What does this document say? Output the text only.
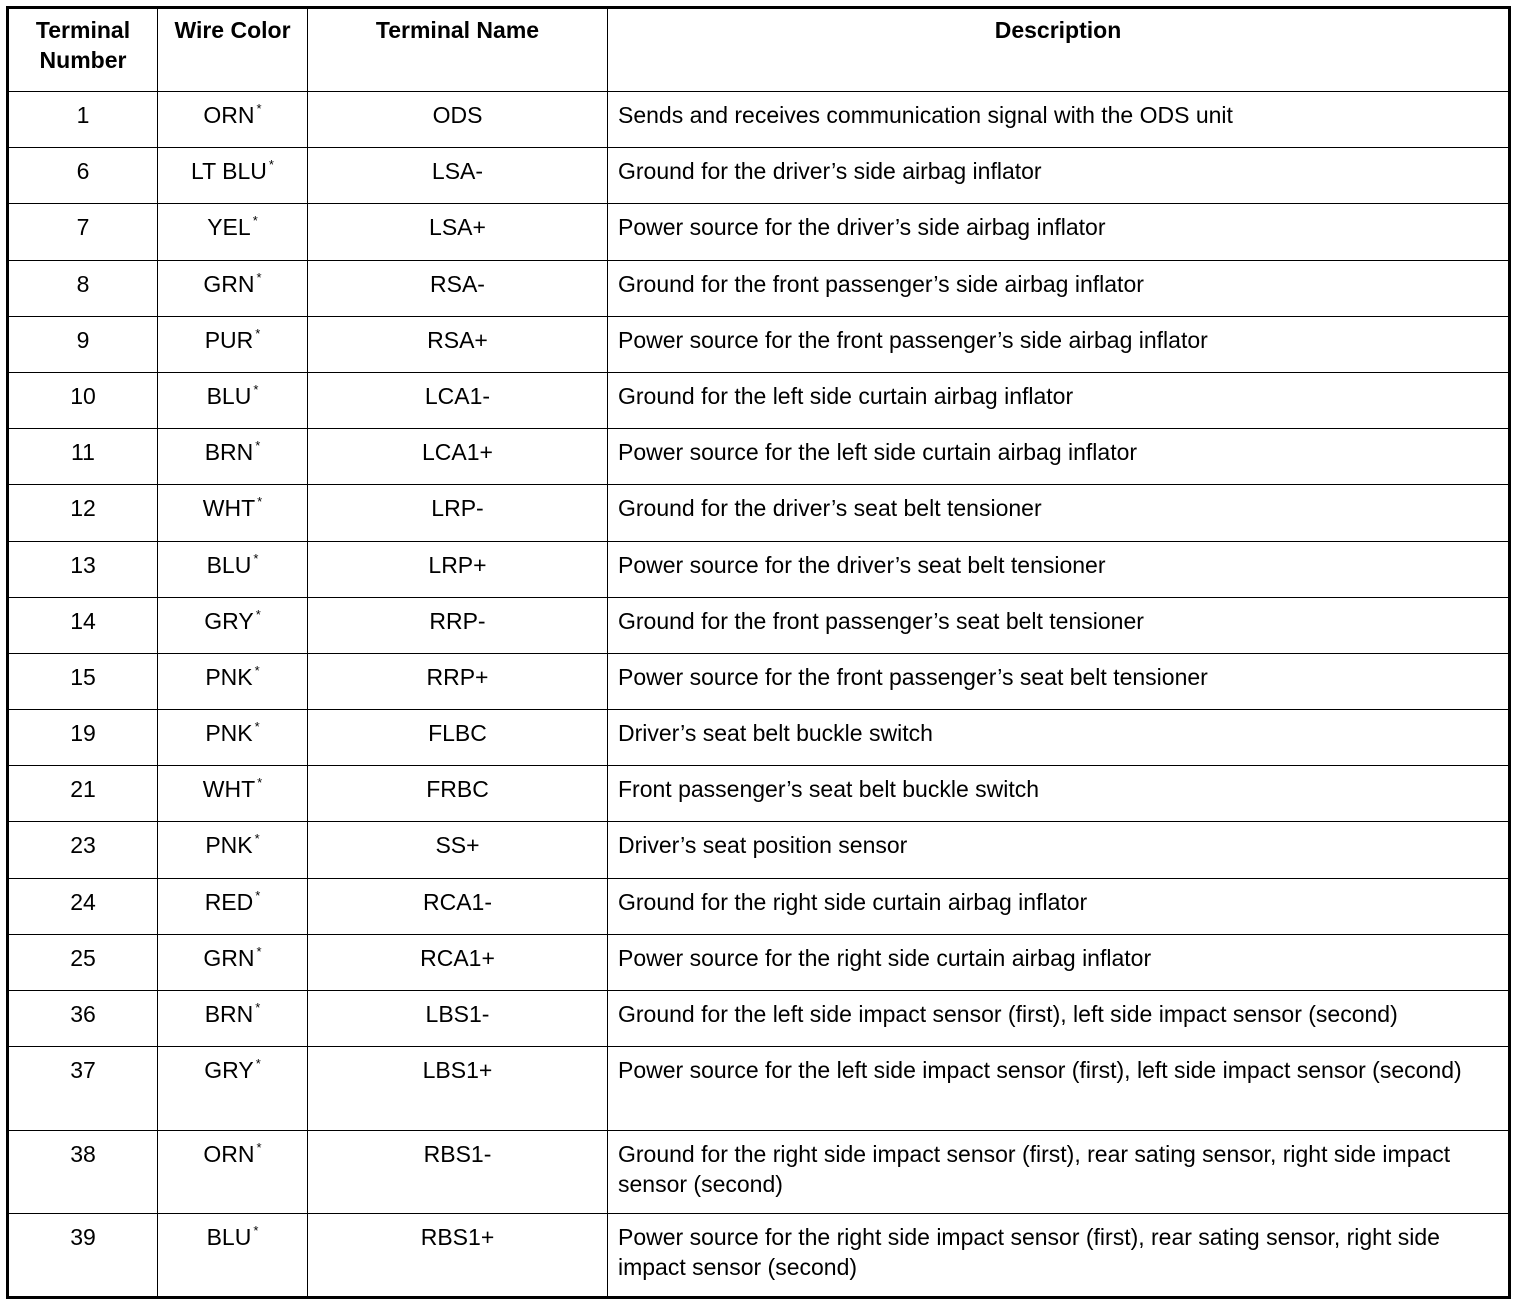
Terminal Number	Wire Color	Terminal Name	Description
1	ORN *	ODS	Sends and receives communication signal with the ODS unit
6	LT BLU *	LSA-	Ground for the driver’s side airbag inflator
7	YEL *	LSA+	Power source for the driver’s side airbag inflator
8	GRN *	RSA-	Ground for the front passenger’s side airbag inflator
9	PUR *	RSA+	Power source for the front passenger’s side airbag inflator
10	BLU *	LCA1-	Ground for the left side curtain airbag inflator
11	BRN *	LCA1+	Power source for the left side curtain airbag inflator
12	WHT *	LRP-	Ground for the driver’s seat belt tensioner
13	BLU *	LRP+	Power source for the driver’s seat belt tensioner
14	GRY *	RRP-	Ground for the front passenger’s seat belt tensioner
15	PNK *	RRP+	Power source for the front passenger’s seat belt tensioner
19	PNK *	FLBC	Driver’s seat belt buckle switch
21	WHT *	FRBC	Front passenger’s seat belt buckle switch
23	PNK *	SS+	Driver’s seat position sensor
24	RED *	RCA1-	Ground for the right side curtain airbag inflator
25	GRN *	RCA1+	Power source for the right side curtain airbag inflator
36	BRN *	LBS1-	Ground for the left side impact sensor (first), left side impact sensor (second)
37	GRY *	LBS1+	Power source for the left side impact sensor (first), left side impact sensor (second)
38	ORN *	RBS1-	Ground for the right side impact sensor (first), rear sating sensor, right side impact sensor (second)
39	BLU *	RBS1+	Power source for the right side impact sensor (first), rear sating sensor, right side impact sensor (second)
